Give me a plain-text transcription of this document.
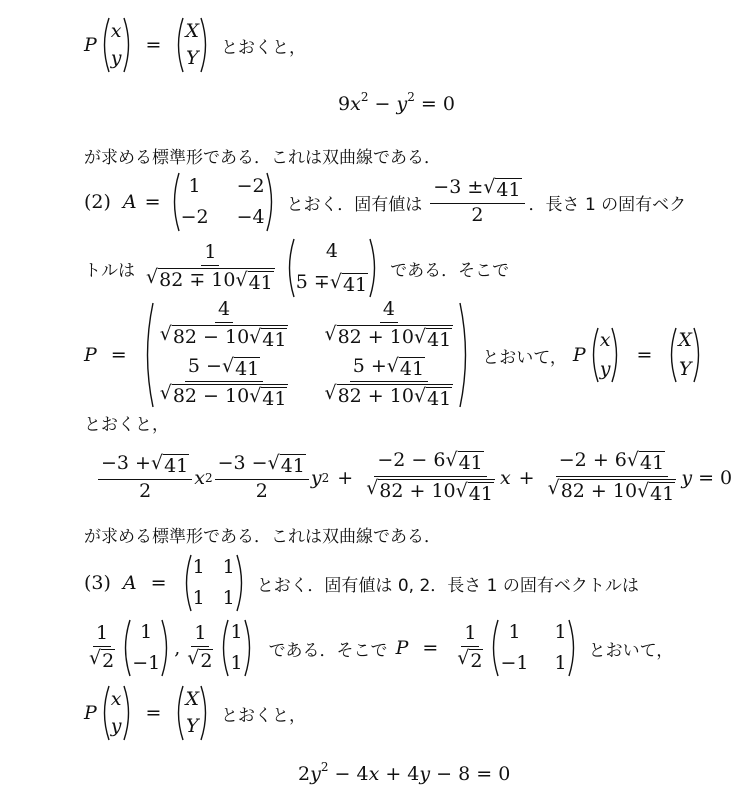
P
x
y
=
X
Y とおくと，
$9x^2 - y^2 = 0$
が求める標準形である．これは双曲線である．
(2) A =
1	−2
−2 −4
とおく．固有値は $\frac{-3 \pm √ 41}{2}$ ．長さ 1 の固有ベク
トルは $\frac{1}{√ 82 \mp 10 √ 41}$	4
5 ∓ √ 41
である．そこで
P =
$\frac{4}{√ 82 - 10 √ 41} \frac{4}{√ 82 + 10 √ 41}$
$\frac{5 - √ 41}{√ 82 - 10 √ 41} \frac{5 + √ 41}{√ 82 + 10 √ 41}$ とおいて， P
x
y
=
X
Y
とおくと，
$\frac{-3 + √ 41}{2}$ x $2 \frac{-3 - √ 41}{2}$ y $2 + \frac{-2 - 6 √ 41}{√ 82 + 10 √ 41}$ $x + \frac{-2 + 6 √ 41}{√ 82 + 10 √ 41}$ y = 0
が求める標準形である．これは双曲線である．
(3) A =
1 1
1 1
とおく．固有値は 0, 2．長さ 1 の固有ベクトルは
$\frac{1}{√ 2}$	1
−1
, $\frac{1}{√ 2} 1$
1
である．そこで $P = \frac{1}{√ 2}$	1	1
−1 1
とおいて，
P
x
y
=
X
Y とおくと，
$2y^2 - 4x + 4y - 8 = 0$
